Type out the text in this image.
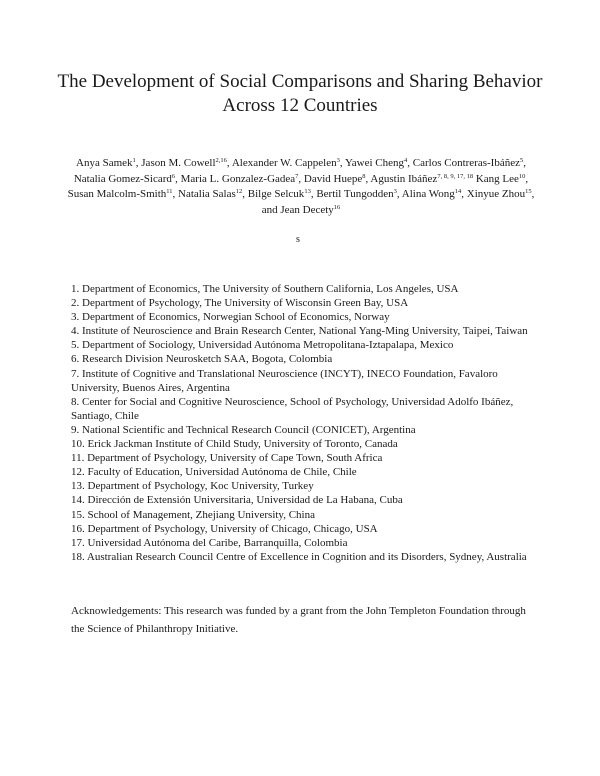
The Development of Social Comparisons and Sharing Behavior Across 12 Countries

Anya Samek$^1$, Jason M. Cowell$^{2,16}$, Alexander W. Cappelen$^3$, Yawei Cheng$^4$, Carlos Contreras-Ibáñez$^5$, Natalia Gomez-Sicard$^6$, Maria L. Gonzalez-Gadea$^7$, David Huepe$^8$, Agustin Ibáñez$^{7, 8, 9, 17, 18}$ Kang Lee$^{10}$, Susan Malcolm-Smith$^{11}$, Natalia Salas$^{12}$, Bilge Selcuk$^{13}$, Bertil Tungodden$^3$, Alina Wong$^{14}$, Xinyue Zhou$^{15}$, and Jean Decety$^{16}$

s

1. Department of Economics, The University of Southern California, Los Angeles, USA
2. Department of Psychology, The University of Wisconsin Green Bay, USA
3. Department of Economics, Norwegian School of Economics, Norway
4. Institute of Neuroscience and Brain Research Center, National Yang-Ming University, Taipei, Taiwan
5. Department of Sociology, Universidad Autónoma Metropolitana-Iztapalapa, Mexico
6. Research Division Neurosketch SAA, Bogota, Colombia
7. Institute of Cognitive and Translational Neuroscience (INCYT), INECO Foundation, Favaloro University, Buenos Aires, Argentina
8. Center for Social and Cognitive Neuroscience, School of Psychology, Universidad Adolfo Ibáñez, Santiago, Chile
9. National Scientific and Technical Research Council (CONICET), Argentina
10. Erick Jackman Institute of Child Study, University of Toronto, Canada
11. Department of Psychology, University of Cape Town, South Africa
12. Faculty of Education, Universidad Autónoma de Chile, Chile
13. Department of Psychology, Koc University, Turkey
14. Dirección de Extensión Universitaria, Universidad de La Habana, Cuba
15. School of Management, Zhejiang University, China
16. Department of Psychology, University of Chicago, Chicago, USA
17. Universidad Autónoma del Caribe, Barranquilla, Colombia
18. Australian Research Council Centre of Excellence in Cognition and its Disorders, Sydney, Australia

Acknowledgements: This research was funded by a grant from the John Templeton Foundation through the Science of Philanthropy Initiative.
